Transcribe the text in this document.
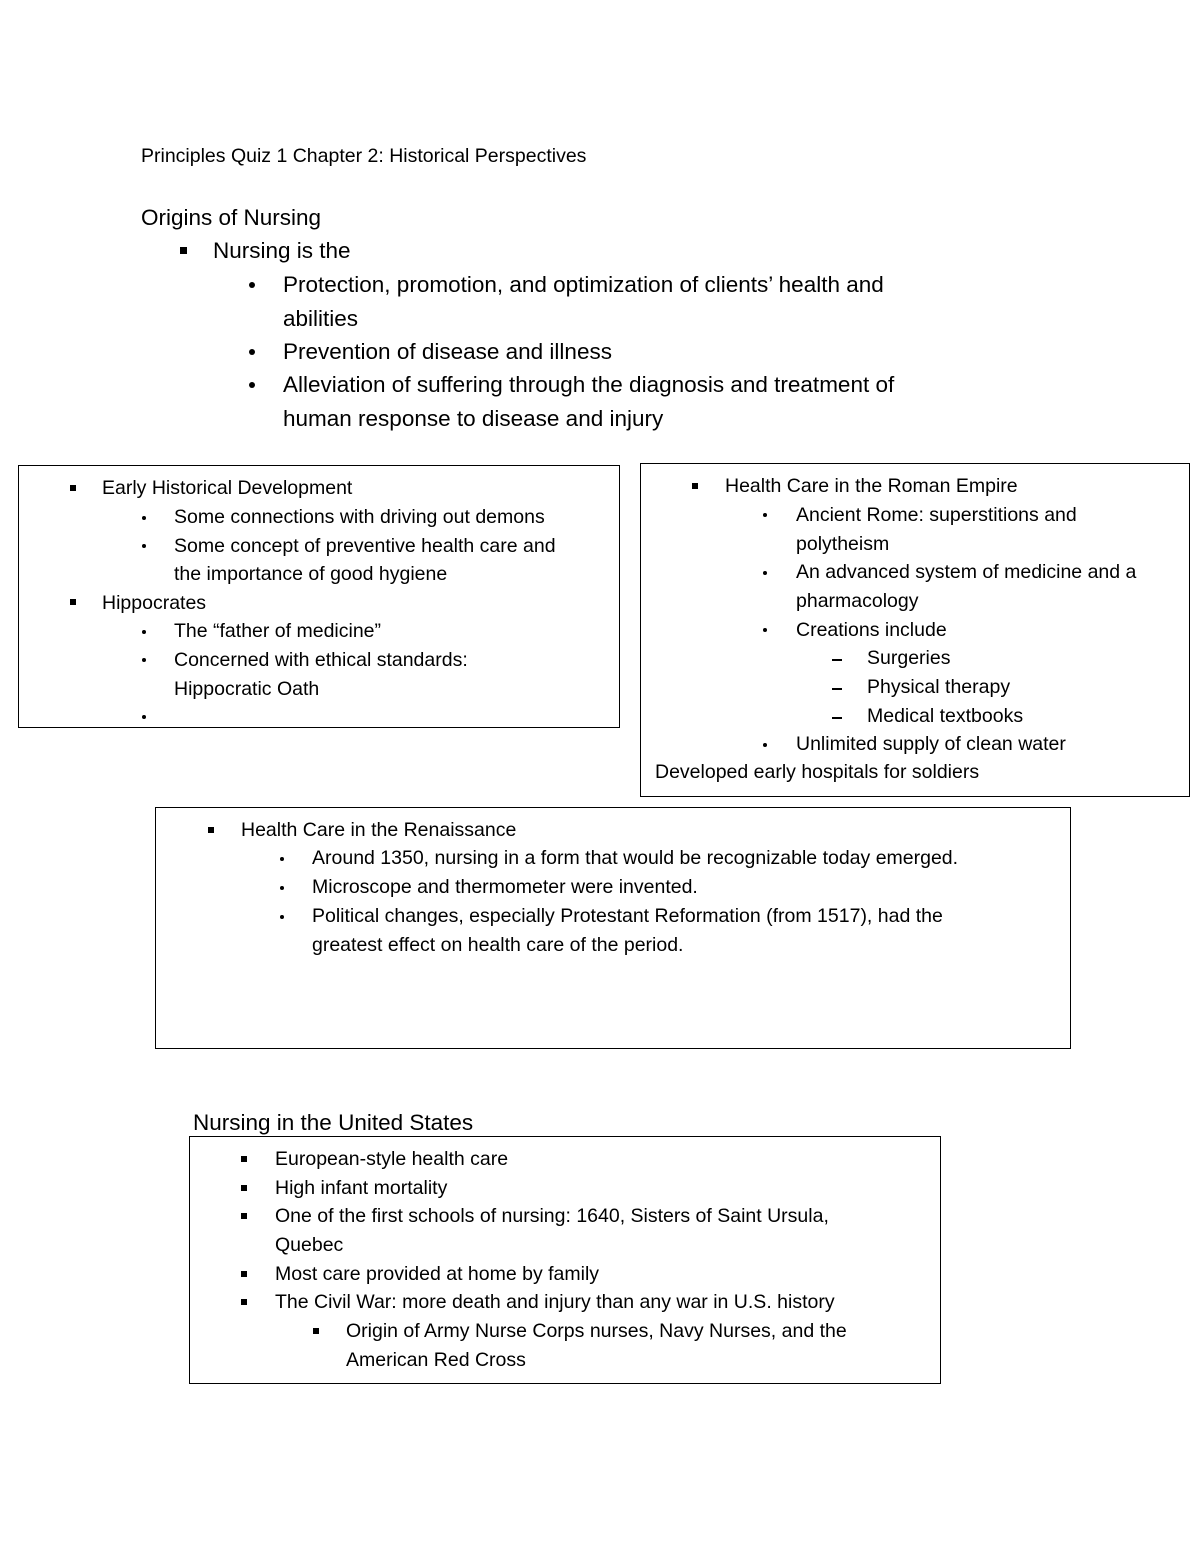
Principles Quiz 1 Chapter 2: Historical Perspectives
Origins of Nursing
Nursing is the
Protection, promotion, and optimization of clients’ health and
abilities
Prevention of disease and illness
Alleviation of suffering through the diagnosis and treatment of
human response to disease and injury
Early Historical Development
Some connections with driving out demons
Some concept of preventive health care and
the importance of good hygiene
Hippocrates
The “father of medicine”
Concerned with ethical standards:
Hippocratic Oath
Health Care in the Roman Empire
Ancient Rome: superstitions and
polytheism
An advanced system of medicine and a
pharmacology
Creations include
Surgeries
Physical therapy
Medical textbooks
Unlimited supply of clean water
Developed early hospitals for soldiers
Health Care in the Renaissance
Around 1350, nursing in a form that would be recognizable today emerged.
Microscope and thermometer were invented.
Political changes, especially Protestant Reformation (from 1517), had the
greatest effect on health care of the period.
Nursing in the United States
European-style health care
High infant mortality
One of the first schools of nursing: 1640, Sisters of Saint Ursula,
Quebec
Most care provided at home by family
The Civil War: more death and injury than any war in U.S. history
Origin of Army Nurse Corps nurses, Navy Nurses, and the
American Red Cross
